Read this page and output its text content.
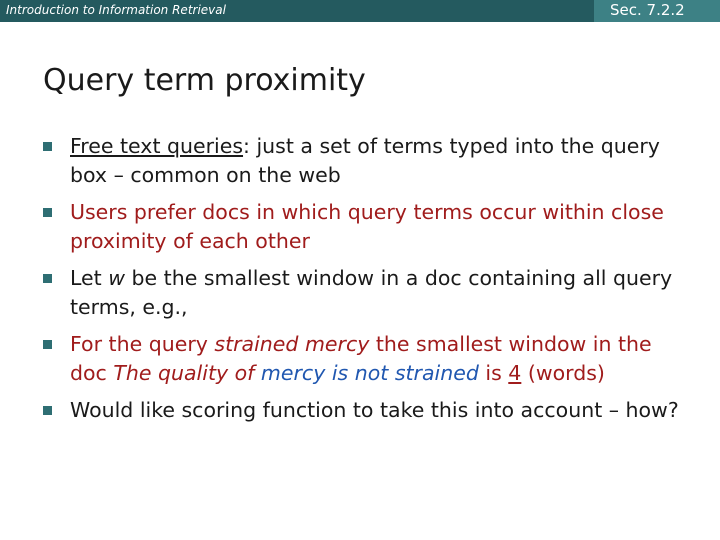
Introduction to Information Retrieval	Sec. 7.2.2
Query term proximity
Free text queries: just a set of terms typed into the query box – common on the web
Users prefer docs in which query terms occur within close proximity of each other
Let w be the smallest window in a doc containing all query terms, e.g.,
For the query strained mercy the smallest window in the doc The quality of mercy is not strained is 4 (words)
Would like scoring function to take this into account – how?
